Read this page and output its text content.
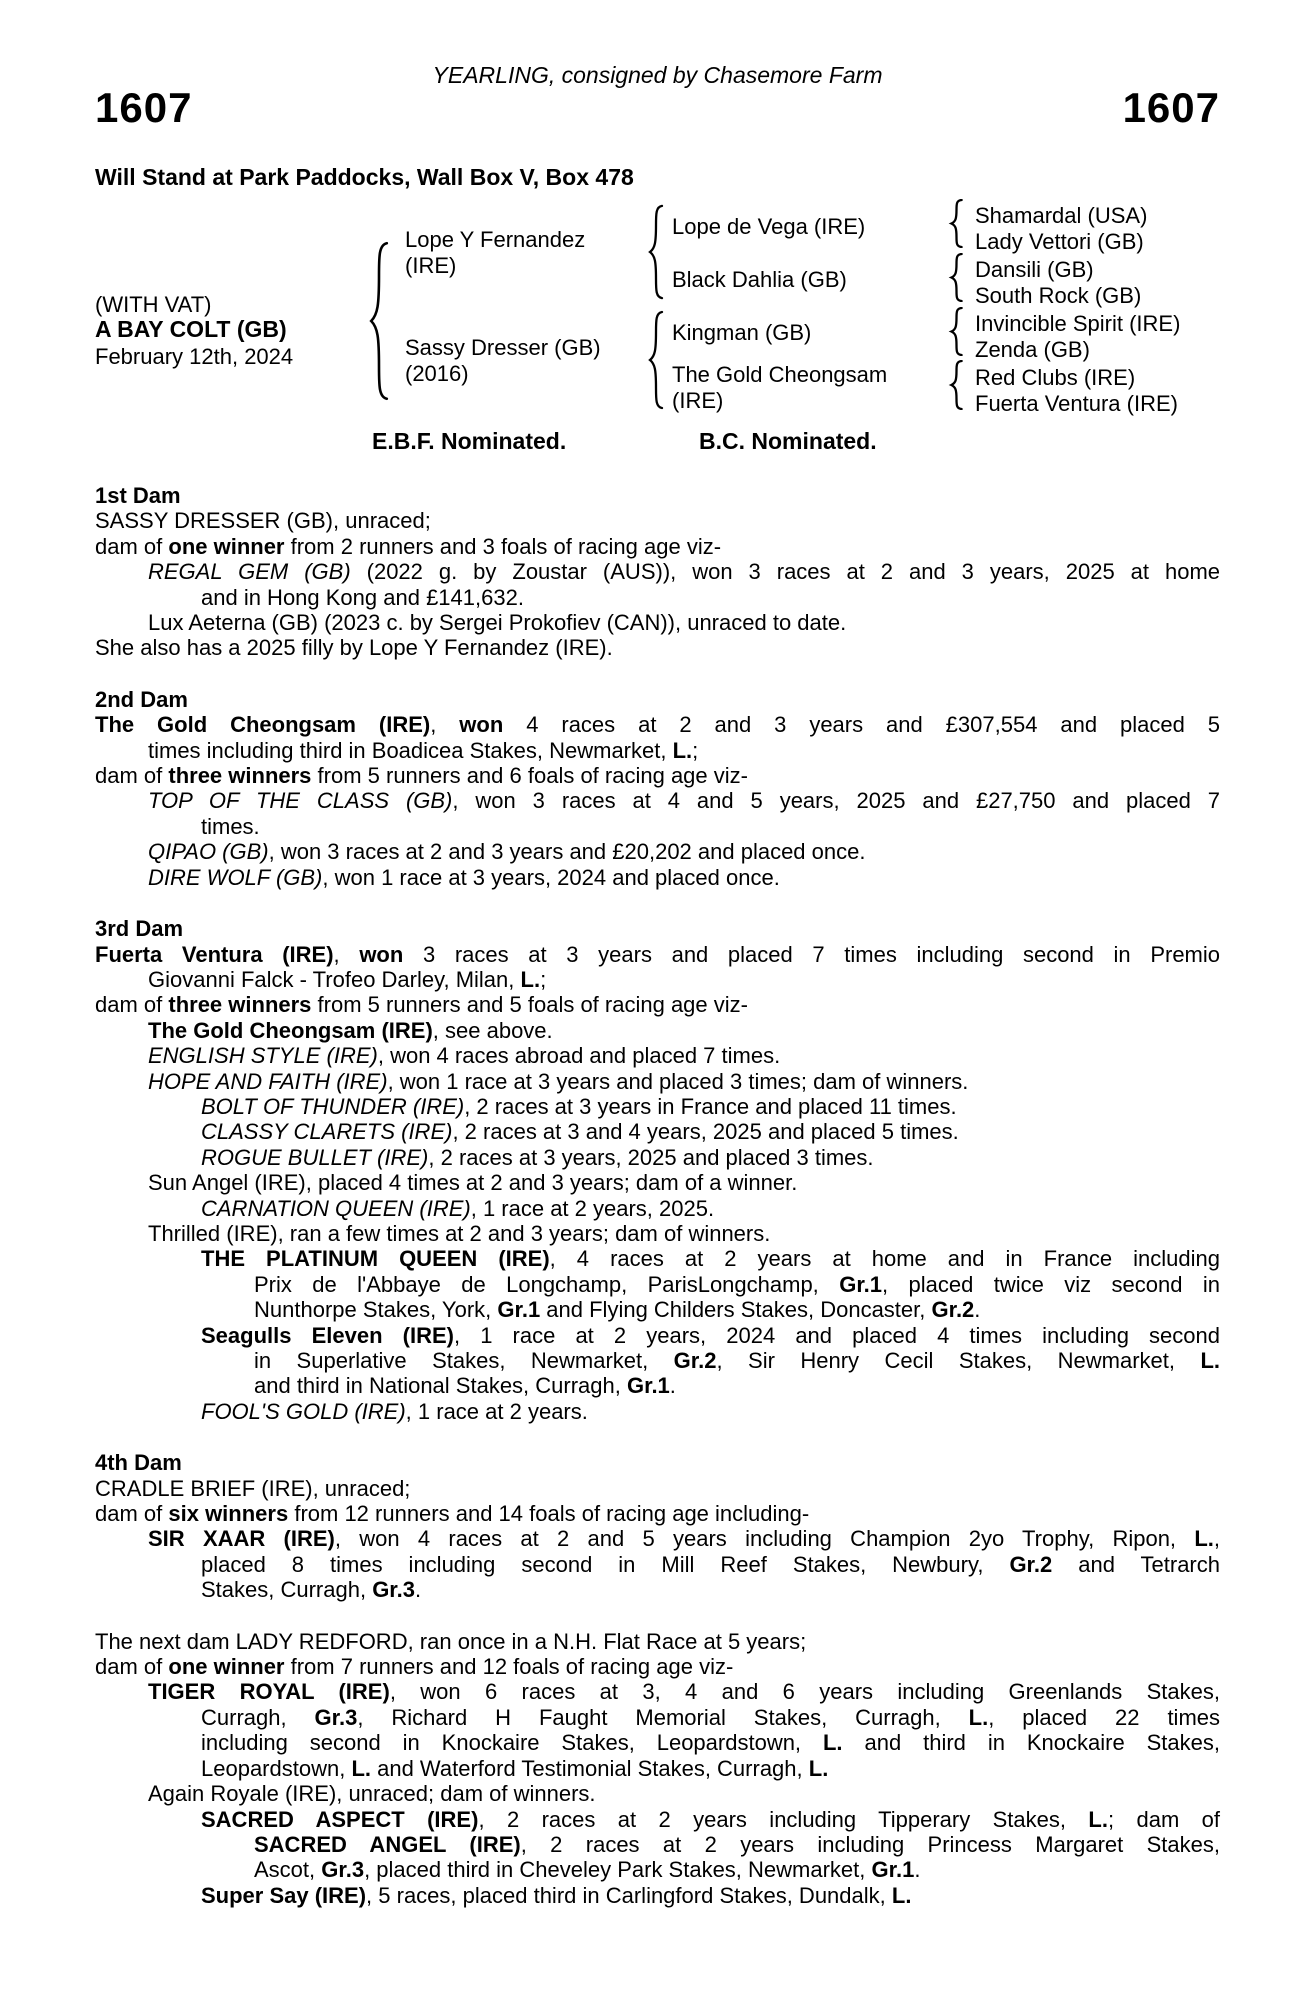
YEARLING, consigned by Chasemore Farm
1607	1607
Will Stand at Park Paddocks, Wall Box V, Box 478
(WITH VAT)
A BAY COLT (GB)
February 12th, 2024
Lope Y Fernandez
(IRE)
Sassy Dresser (GB)
(2016)
Lope de Vega (IRE)
Black Dahlia (GB)
Kingman (GB)
The Gold Cheongsam
(IRE)
Shamardal (USA)
Lady Vettori (GB)
Dansili (GB)
South Rock (GB)
Invincible Spirit (IRE)
Zenda (GB)
Red Clubs (IRE)
Fuerta Ventura (IRE)
E.B.F. Nominated.	B.C. Nominated.
1st Dam
SASSY DRESSER (GB), unraced;
dam of one winner from 2 runners and 3 foals of racing age viz-
REGAL GEM (GB) (2022 g. by Zoustar (AUS)), won 3 races at 2 and 3 years, 2025 at home
and in Hong Kong and £141,632.
Lux Aeterna (GB) (2023 c. by Sergei Prokofiev (CAN)), unraced to date.
She also has a 2025 filly by Lope Y Fernandez (IRE).
2nd Dam
The Gold Cheongsam (IRE), won 4 races at 2 and 3 years and £307,554 and placed 5
times including third in Boadicea Stakes, Newmarket, L.;
dam of three winners from 5 runners and 6 foals of racing age viz-
TOP OF THE CLASS (GB), won 3 races at 4 and 5 years, 2025 and £27,750 and placed 7
times.
QIPAO (GB), won 3 races at 2 and 3 years and £20,202 and placed once.
DIRE WOLF (GB), won 1 race at 3 years, 2024 and placed once.
3rd Dam
Fuerta Ventura (IRE), won 3 races at 3 years and placed 7 times including second in Premio
Giovanni Falck - Trofeo Darley, Milan, L.;
dam of three winners from 5 runners and 5 foals of racing age viz-
The Gold Cheongsam (IRE), see above.
ENGLISH STYLE (IRE), won 4 races abroad and placed 7 times.
HOPE AND FAITH (IRE), won 1 race at 3 years and placed 3 times; dam of winners.
BOLT OF THUNDER (IRE), 2 races at 3 years in France and placed 11 times.
CLASSY CLARETS (IRE), 2 races at 3 and 4 years, 2025 and placed 5 times.
ROGUE BULLET (IRE), 2 races at 3 years, 2025 and placed 3 times.
Sun Angel (IRE), placed 4 times at 2 and 3 years; dam of a winner.
CARNATION QUEEN (IRE), 1 race at 2 years, 2025.
Thrilled (IRE), ran a few times at 2 and 3 years; dam of winners.
THE PLATINUM QUEEN (IRE), 4 races at 2 years at home and in France including
Prix de l'Abbaye de Longchamp, ParisLongchamp, Gr.1, placed twice viz second in
Nunthorpe Stakes, York, Gr.1 and Flying Childers Stakes, Doncaster, Gr.2.
Seagulls Eleven (IRE), 1 race at 2 years, 2024 and placed 4 times including second
in Superlative Stakes, Newmarket, Gr.2, Sir Henry Cecil Stakes, Newmarket, L.
and third in National Stakes, Curragh, Gr.1.
FOOL'S GOLD (IRE), 1 race at 2 years.
4th Dam
CRADLE BRIEF (IRE), unraced;
dam of six winners from 12 runners and 14 foals of racing age including-
SIR XAAR (IRE), won 4 races at 2 and 5 years including Champion 2yo Trophy, Ripon, L.,
placed 8 times including second in Mill Reef Stakes, Newbury, Gr.2 and Tetrarch
Stakes, Curragh, Gr.3.
The next dam LADY REDFORD, ran once in a N.H. Flat Race at 5 years;
dam of one winner from 7 runners and 12 foals of racing age viz-
TIGER ROYAL (IRE), won 6 races at 3, 4 and 6 years including Greenlands Stakes,
Curragh, Gr.3, Richard H Faught Memorial Stakes, Curragh, L., placed 22 times
including second in Knockaire Stakes, Leopardstown, L. and third in Knockaire Stakes,
Leopardstown, L. and Waterford Testimonial Stakes, Curragh, L.
Again Royale (IRE), unraced; dam of winners.
SACRED ASPECT (IRE), 2 races at 2 years including Tipperary Stakes, L.; dam of
SACRED ANGEL (IRE), 2 races at 2 years including Princess Margaret Stakes,
Ascot, Gr.3, placed third in Cheveley Park Stakes, Newmarket, Gr.1.
Super Say (IRE), 5 races, placed third in Carlingford Stakes, Dundalk, L.
